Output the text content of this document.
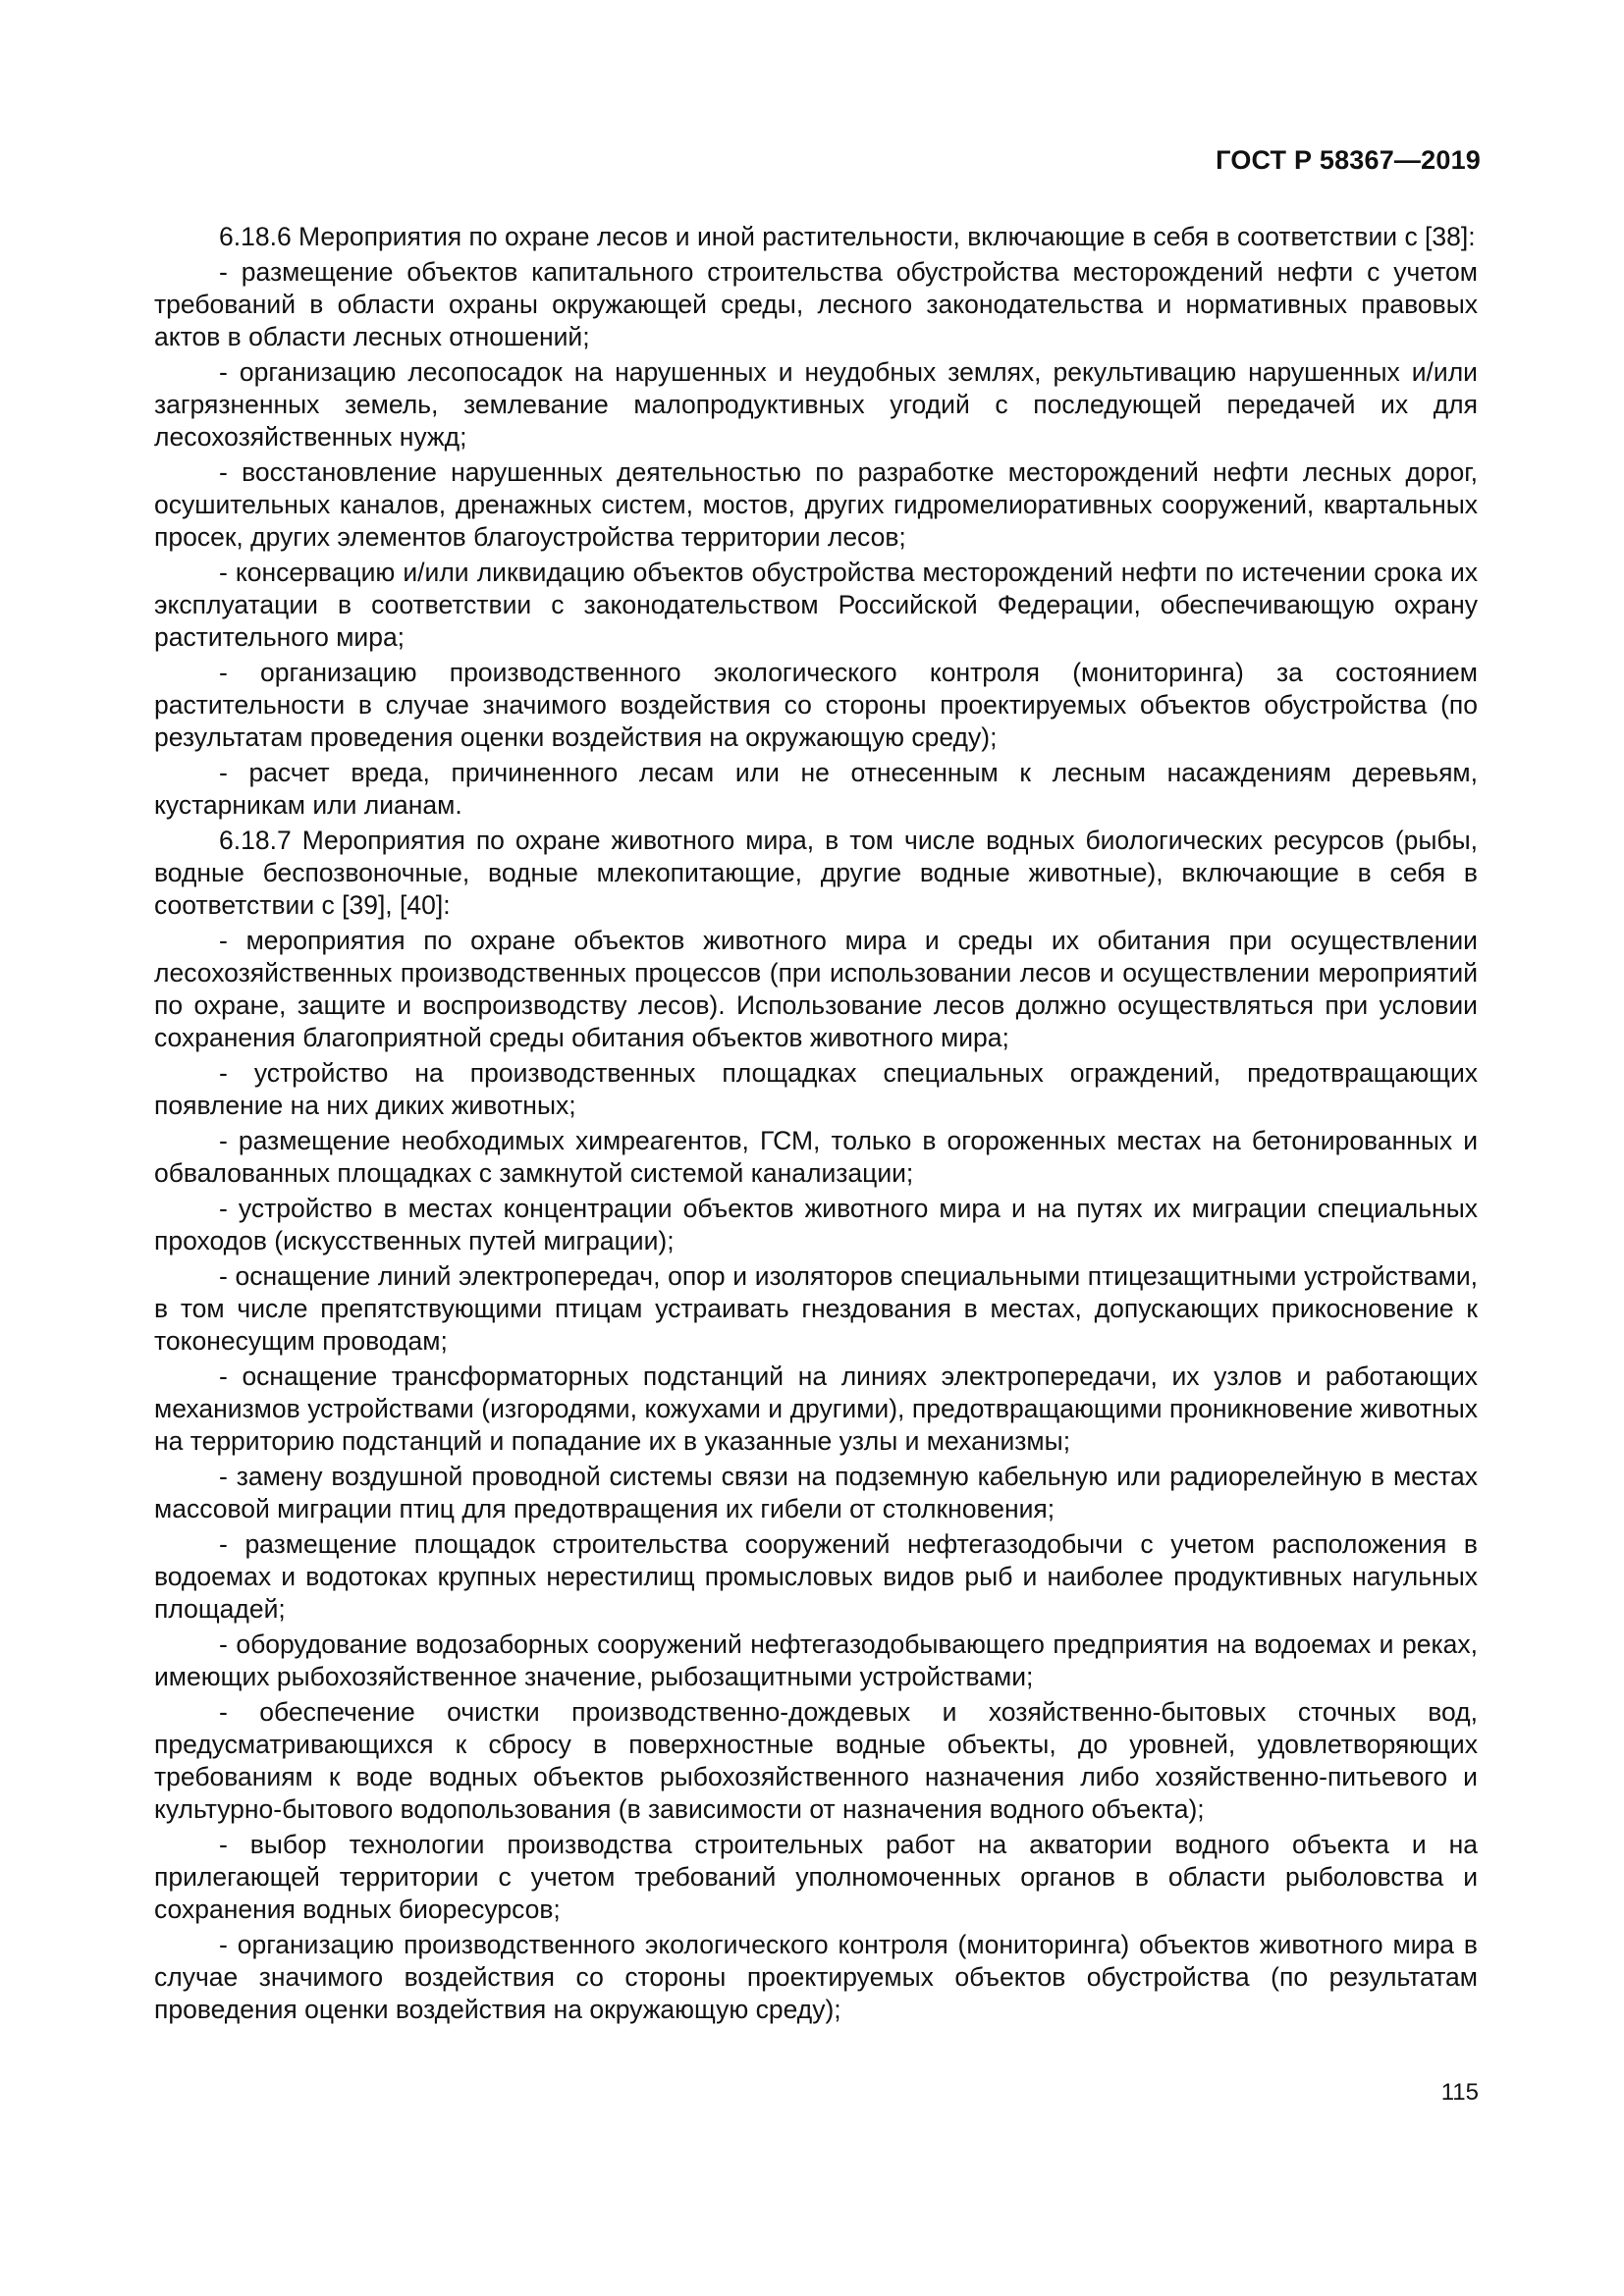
ГОСТ Р 58367—2019

6.18.6 Мероприятия по охране лесов и иной растительности, включающие в себя в соответствии с [38]:

- размещение объектов капитального строительства обустройства месторождений нефти с учетом требований в области охраны окружающей среды, лесного законодательства и нормативных правовых актов в области лесных отношений;

- организацию лесопосадок на нарушенных и неудобных землях, рекультивацию нарушенных и/или загрязненных земель, землевание малопродуктивных угодий с последующей передачей их для лесохозяйственных нужд;

- восстановление нарушенных деятельностью по разработке месторождений нефти лесных дорог, осушительных каналов, дренажных систем, мостов, других гидромелиоративных сооружений, квартальных просек, других элементов благоустройства территории лесов;

- консервацию и/или ликвидацию объектов обустройства месторождений нефти по истечении срока их эксплуатации в соответствии с законодательством Российской Федерации, обеспечивающую охрану растительного мира;

- организацию производственного экологического контроля (мониторинга) за состоянием растительности в случае значимого воздействия со стороны проектируемых объектов обустройства (по результатам проведения оценки воздействия на окружающую среду);

- расчет вреда, причиненного лесам или не отнесенным к лесным насаждениям деревьям, кустарникам или лианам.

6.18.7 Мероприятия по охране животного мира, в том числе водных биологических ресурсов (рыбы, водные беспозвоночные, водные млекопитающие, другие водные животные), включающие в себя в соответствии с [39], [40]:

- мероприятия по охране объектов животного мира и среды их обитания при осуществлении лесохозяйственных производственных процессов (при использовании лесов и осуществлении мероприятий по охране, защите и воспроизводству лесов). Использование лесов должно осуществляться при условии сохранения благоприятной среды обитания объектов животного мира;

- устройство на производственных площадках специальных ограждений, предотвращающих появление на них диких животных;

- размещение необходимых химреагентов, ГСМ, только в огороженных местах на бетонированных и обвалованных площадках с замкнутой системой канализации;

- устройство в местах концентрации объектов животного мира и на путях их миграции специальных проходов (искусственных путей миграции);

- оснащение линий электропередач, опор и изоляторов специальными птицезащитными устройствами, в том числе препятствующими птицам устраивать гнездования в местах, допускающих прикосновение к токонесущим проводам;

- оснащение трансформаторных подстанций на линиях электропередачи, их узлов и работающих механизмов устройствами (изгородями, кожухами и другими), предотвращающими проникновение животных на территорию подстанций и попадание их в указанные узлы и механизмы;

- замену воздушной проводной системы связи на подземную кабельную или радиорелейную в местах массовой миграции птиц для предотвращения их гибели от столкновения;

- размещение площадок строительства сооружений нефтегазодобычи с учетом расположения в водоемах и водотоках крупных нерестилищ промысловых видов рыб и наиболее продуктивных нагульных площадей;

- оборудование водозаборных сооружений нефтегазодобывающего предприятия на водоемах и реках, имеющих рыбохозяйственное значение, рыбозащитными устройствами;

- обеспечение очистки производственно-дождевых и хозяйственно-бытовых сточных вод, предусматривающихся к сбросу в поверхностные водные объекты, до уровней, удовлетворяющих требованиям к воде водных объектов рыбохозяйственного назначения либо хозяйственно-питьевого и культурно-бытового водопользования (в зависимости от назначения водного объекта);

- выбор технологии производства строительных работ на акватории водного объекта и на прилегающей территории с учетом требований уполномоченных органов в области рыболовства и сохранения водных биоресурсов;

- организацию производственного экологического контроля (мониторинга) объектов животного мира в случае значимого воздействия со стороны проектируемых объектов обустройства (по результатам проведения оценки воздействия на окружающую среду);

115
